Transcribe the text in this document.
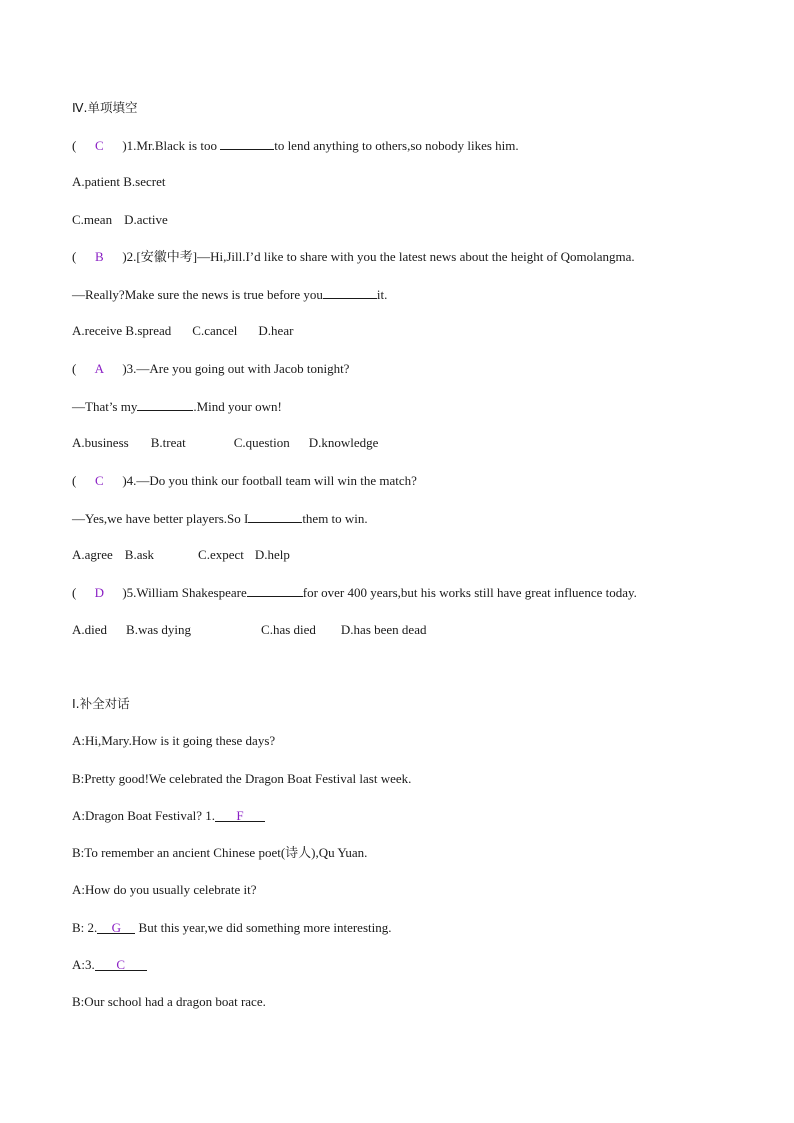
Ⅳ.单项填空
( C )1.Mr.Black is too	to lend anything to others,so nobody likes him.
A.patient B.secret
C.mean D.active
( B )2.[安徽中考]—Hi,Jill.I’d like to share with you the latest news about the height of Qomolangma.
—Really?Make sure the news is true before you	it.
A.receive B.spread C.cancel D.hear
( A )3.—Are you going out with Jacob tonight?
—That’s my	.Mind your own!
A.business B.treat	C.question D.knowledge
( C )4.—Do you think our football team will win the match?
—Yes,we have better players.So I	them to win.
A.agree B.ask	C.expect D.help
( D )5.William Shakespeare	for over 400 years,but his works still have great influence today.
A.died B.was dying	C.has died D.has been dead
Ⅰ.补全对话
A:Hi,Mary.How is it going these days?
B:Pretty good!We celebrated the Dragon Boat Festival last week.
A:Dragon Boat Festival? 1. F
B:To remember an ancient Chinese poet(诗人),Qu Yuan.
A:How do you usually celebrate it?
B: 2. G But this year,we did something more interesting.
A:3. C
B:Our school had a dragon boat race.
